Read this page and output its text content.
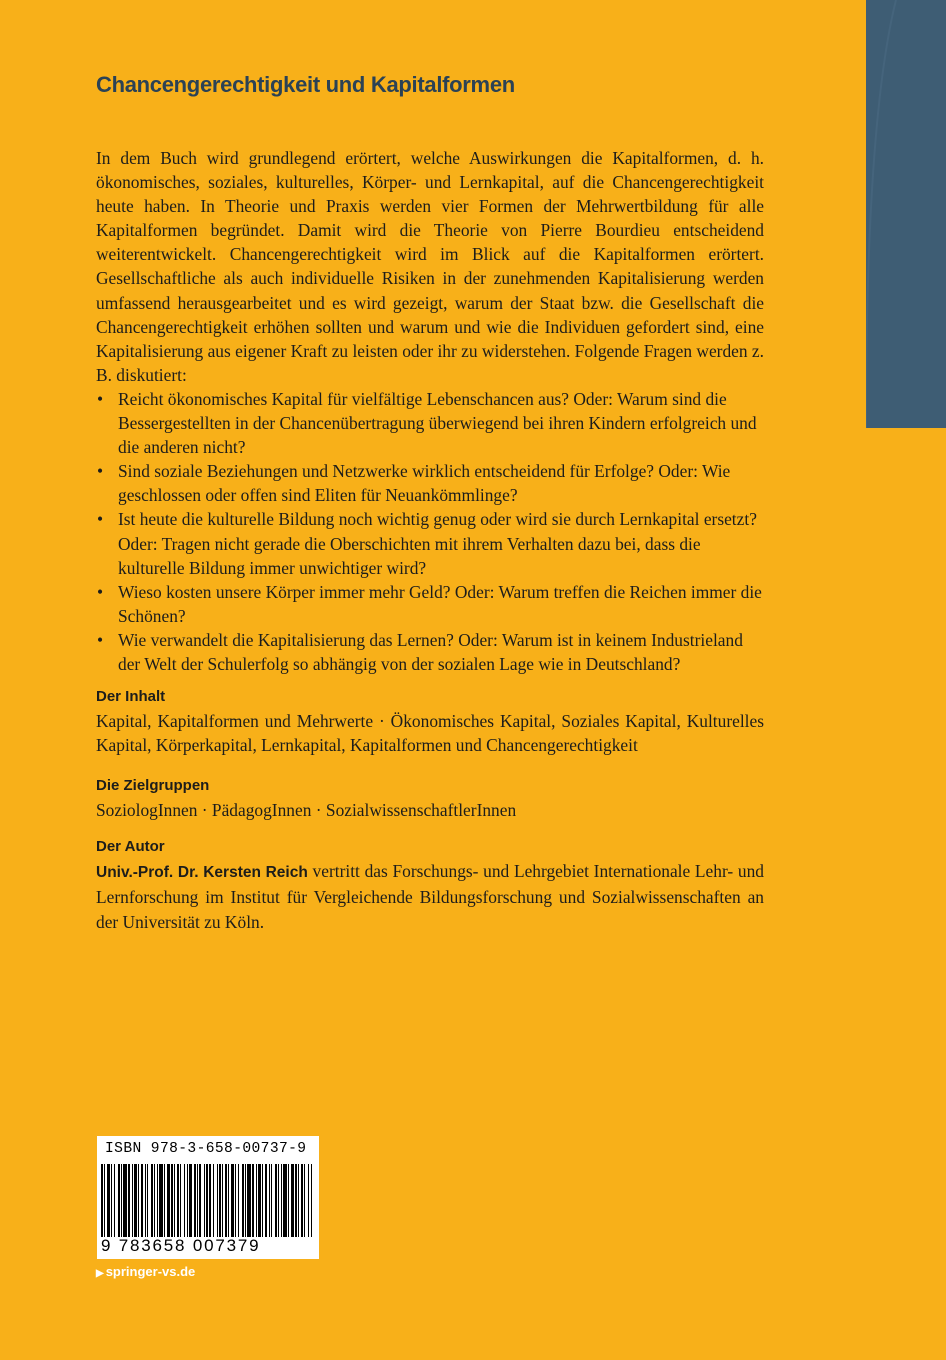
Chancengerechtigkeit und Kapitalformen

In dem Buch wird grundlegend erörtert, welche Auswirkungen die Kapitalformen, d. h. ökonomisches, soziales, kulturelles, Körper- und Lernkapital, auf die Chancengerechtigkeit heute haben. In Theorie und Praxis werden vier Formen der Mehrwertbildung für alle Kapitalformen begründet. Damit wird die Theorie von Pierre Bourdieu entscheidend weiterentwickelt. Chancengerechtigkeit wird im Blick auf die Kapitalformen erörtert. Gesellschaftliche als auch individuelle Risiken in der zunehmenden Kapitalisierung werden umfassend herausgearbeitet und es wird gezeigt, warum der Staat bzw. die Gesellschaft die Chancengerechtigkeit erhöhen sollten und warum und wie die Individuen gefordert sind, eine Kapitalisierung aus eigener Kraft zu leisten oder ihr zu widerstehen. Folgende Fragen werden z. B. diskutiert:

• Reicht ökonomisches Kapital für vielfältige Lebenschancen aus? Oder: Warum sind die Bessergestellten in der Chancenübertragung überwiegend bei ihren Kindern erfolgreich und die anderen nicht?
• Sind soziale Beziehungen und Netzwerke wirklich entscheidend für Erfolge? Oder: Wie geschlossen oder offen sind Eliten für Neuankömmlinge?
• Ist heute die kulturelle Bildung noch wichtig genug oder wird sie durch Lernkapital ersetzt? Oder: Tragen nicht gerade die Oberschichten mit ihrem Verhalten dazu bei, dass die kulturelle Bildung immer unwichtiger wird?
• Wieso kosten unsere Körper immer mehr Geld? Oder: Warum treffen die Reichen immer die Schönen?
• Wie verwandelt die Kapitalisierung das Lernen? Oder: Warum ist in keinem Industrieland der Welt der Schulerfolg so abhängig von der sozialen Lage wie in Deutschland?
Der Inhalt

Kapital, Kapitalformen und Mehrwerte · Ökonomisches Kapital, Soziales Kapital, Kulturelles Kapital, Körperkapital, Lernkapital, Kapitalformen und Chancengerechtigkeit

Die Zielgruppen

SoziologInnen · PädagogInnen · SozialwissenschaftlerInnen

Der Autor

Univ.-Prof. Dr. Kersten Reich vertritt das Forschungs- und Lehrgebiet Internationale Lehr- und Lernforschung im Institut für Vergleichende Bildungsforschung und Sozialwissenschaften an der Universität zu Köln.

ISBN 978-3-658-00737-9
9 783658 007379
▶ springer-vs.de
